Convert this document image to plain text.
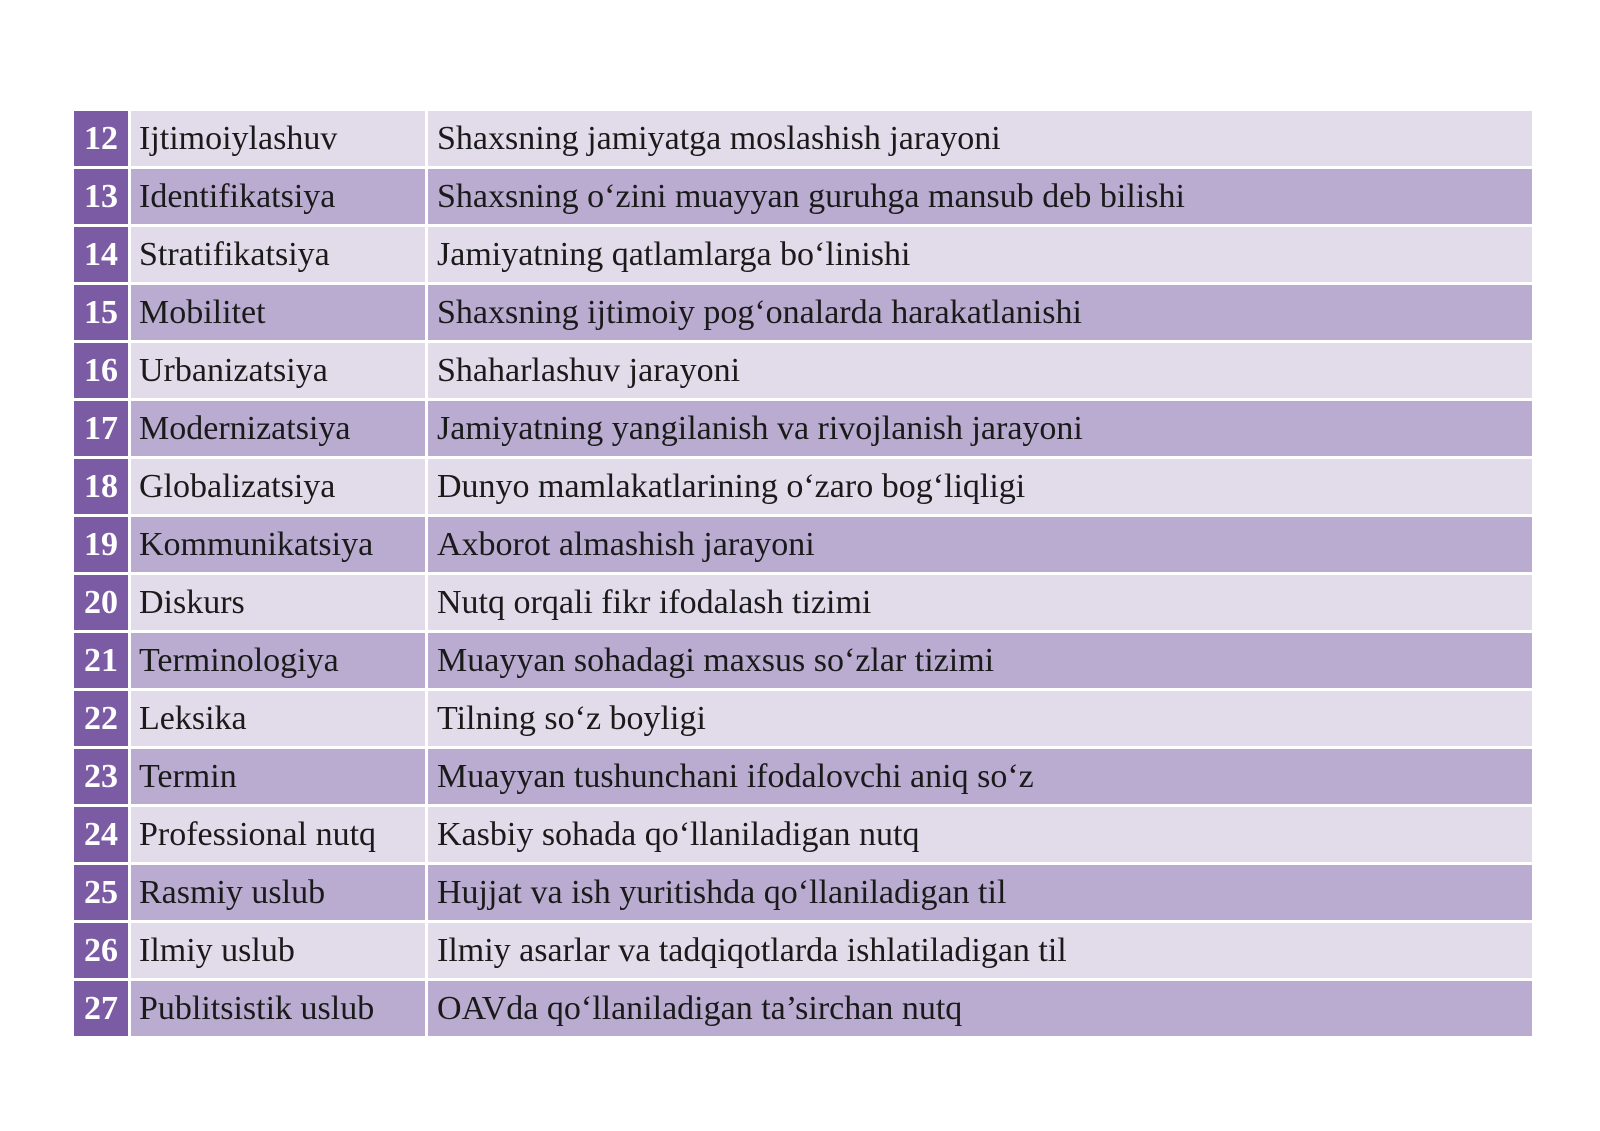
12	Ijtimoiylashuv	Shaxsning jamiyatga moslashish jarayoni
13	Identifikatsiya	Shaxsning o‘zini muayyan guruhga mansub deb bilishi
14	Stratifikatsiya	Jamiyatning qatlamlarga bo‘linishi
15	Mobilitet	Shaxsning ijtimoiy pog‘onalarda harakatlanishi
16	Urbanizatsiya	Shaharlashuv jarayoni
17	Modernizatsiya	Jamiyatning yangilanish va rivojlanish jarayoni
18	Globalizatsiya	Dunyo mamlakatlarining o‘zaro bog‘liqligi
19	Kommunikatsiya	Axborot almashish jarayoni
20	Diskurs	Nutq orqali fikr ifodalash tizimi
21	Terminologiya	Muayyan sohadagi maxsus so‘zlar tizimi
22	Leksika	Tilning so‘z boyligi
23	Termin	Muayyan tushunchani ifodalovchi aniq so‘z
24	Professional nutq	Kasbiy sohada qo‘llaniladigan nutq
25	Rasmiy uslub	Hujjat va ish yuritishda qo‘llaniladigan til
26	Ilmiy uslub	Ilmiy asarlar va tadqiqotlarda ishlatiladigan til
27	Publitsistik uslub	OAVda qo‘llaniladigan ta’sirchan nutq
